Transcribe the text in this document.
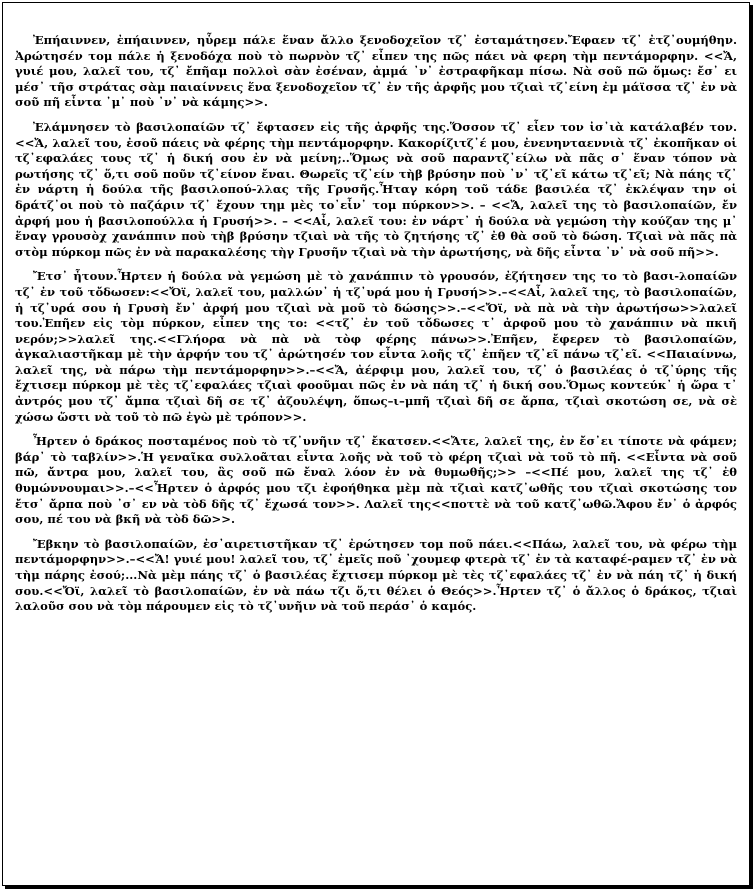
Ἐπήαιννεν, ἐπήαιννεν, ηὗρεμ πάλε ἕναν ἄλλο ξενοδοχεῖον τζ᾽ ἐσταμάτησεν.Ἔφαεν τζ᾽ ἐτζ᾽ουμήθην. Ἀρώτησέν τομ πάλε ἡ ξενοδόχα ποὺ τὸ πωρνὸν τζ᾽ εἶπεν της πῶς πάει νὰ φερη τὴμ πεντάμορφην. <<Ἄ, γυιέ μου, λαλεῖ του, τζ᾽ ἔπῆαμ πολλοὶ σὰν ἐσέναν, ἀμμά ᾽ν᾽ ἐστραφῆκαμ πίσω. Νὰ σοῦ πῶ ὅμως: ἔσ᾽ ει μέσ᾽ τῆσ στράτας σὰμ παιαίννεις ἕνα ξενοδοχεῖον τζ᾽ ἐν τῆς ἀρφῆς μου τζιαὶ τζ᾽είνη ἐμ μάϊσσα τζ᾽ ἐν νὰ σοῦ πῆ εἶντα ᾽μ᾽ ποὺ ᾽ν᾽ νὰ κάμης>>.

Ἐλάμνησεν τὸ βασιλοπαίῶν τζ᾽ ἔφτασεν εἰς τῆς ἀρφῆς της.Ὅσσον τζ᾽ εἶεν τον ἰσ᾽ιὰ κατάλαβέν τον. <<Ἄ, λαλεῖ του, ἐσοῦ πάεις νὰ φέρης τὴμ πεντάμορφην. Κακορίζιτζ᾽έ μου, ἐνενηνταεννιὰ τζ᾽ ἐκοπῆκαν οἱ τζ᾽εφαλάες τους τζ᾽ ἡ δική σου ἐν νὰ μείνη;..Ὅμως νὰ σοῦ παραντζ᾽είλω νὰ πᾶς σ᾽ ἕναν τόπον νὰ ρωτήσης τζ᾽ ὅ,τι σοῦ ποῦν τζ᾽είνον ἔναι. Θωρεῖς τζ᾽είν τὴβ βρύσην ποὺ ᾽ν᾽ τζ᾽εῖ κάτω τζ᾽εῖ; Νὰ πάης τζ᾽ ἐν νάρτη ἡ δούλα τῆς βασιλοπού-λλας τῆς Γρυσῆς.Ἦταγ κόρη τοῦ τάδε βασιλέα τζ᾽ ἐκλέψαν την οἱ δράτζ᾽οι ποὺ τὸ παζάριν τζ᾽ ἔχουν τημ μὲς το᾽εἶν᾽ τομ πύρκον>>. – <<Ἄ, λαλεῖ της τὸ βασιλοπαίῶν, ἔν ἀρφή μου ἡ βασιλοπούλλα ἡ Γρυσή>>. – <<Αἶ, λαλεῖ του: ἐν νάρτ᾽ ἡ δούλα νὰ γεμώση τὴγ κούζαν της μ᾽ ἕναγ γρουσὸχ χανάππιν ποὺ τὴβ βρύσην τζιαὶ νὰ τῆς τὸ ζητήσης τζ᾽ ἐθ θὰ σοῦ τὸ δώση. Τζιαὶ νὰ πᾶς πὰ στὸμ πύρκομ πῶς ἐν νὰ παρακαλέσης τὴγ Γρυσῆν τζιαὶ νὰ τὴν ἀρωτήσης, νὰ δῆς εἶντα ᾽ν᾽ νὰ σοῦ πῆ>>.

Ἔτσ᾽ ἦτουν.Ἦρτεν ἡ δούλα νὰ γεμώση μὲ τὸ χανάππιν τὸ γρουσόν, ἐζήτησεν της το τὸ βασι-λοπαίῶν τζ᾽ ἐν τοῦ τὄδωσεν:<<Ὄϊ, λαλεῖ του, μαλλών᾽ ἡ τζ᾽υρά μου ἡ Γρυσή>>.–<<Αἶ, λαλεῖ της, τὸ βασιλοπαίῶν, ἡ τζ᾽υρά σου ἡ Γρυσὴ ἔν᾽ ἀρφή μου τζιαὶ νὰ μοῦ τὸ δώσης>>.–<<Ὄϊ, νὰ πὰ νὰ τὴν ἀρωτήσω>>λαλεῖ του.Ἐπῆεν εἰς τὸμ πύρκον, εἶπεν της το: <<τζ᾽ ἐν τοῦ τὄδωσες τ᾽ ἀρφοῦ μου τὸ χανάππιν νὰ πκιῆ νερόν;>>λαλεῖ της.<<Γλήορα νὰ πὰ νὰ τὸφ φέρης πάνω>>.Ἐπῆεν, ἔφερεν τὸ βασιλοπαίῶν, ἀγκαλιαστῆκαμ μὲ τὴν ἀρφήν του τζ᾽ ἀρώτησέν τον εἶντα λοῆς τζ᾽ ἐπῆεν τζ᾽εῖ πάνω τζ᾽εῖ. <<Παιαίννω, λαλεῖ της, νὰ πάρω τὴμ πεντάμορφην>>.–<<Ἄ, ἀέρφιμ μου, λαλεῖ του, τζ᾽ ὁ βασιλέας ὁ τζ᾽ύρης τῆς ἔχτισεμ πύρκομ μὲ τὲς τζ᾽εφαλάες τζιαὶ φοοῦμαι πῶς ἐν νὰ πάη τζ᾽ ἡ δική σου.Ὅμως κοντεύκ᾽ ἡ ὥρα τ᾽ ἀντρός μου τζ᾽ ἄμπα τζιαὶ δῆ σε τζ᾽ ἀζουλέψη, ὅπως–ι–μπῆ τζιαὶ δῆ σε ἄρπα, τζιαὶ σκοτώση σε, νὰ σὲ χώσω ὥστι νὰ τοῦ τὸ πῶ ἐγὼ μὲ τρόπον>>.

Ἦρτεν ὁ δράκος ποσταμένος ποὺ τὸ τζ᾽υνῆιν τζ᾽ ἔκατσεν.<<Ἄτε, λαλεῖ της, ἐν ἔσ᾽ει τίποτε νὰ φάμεν; βάρ᾽ τὸ ταβλίν>>.Ἡ γεναῖκα συλλοᾶται εἶντα λοῆς νὰ τοῦ τὸ φέρη τζιαὶ νὰ τοῦ τὸ πῆ. <<Εἶντα νὰ σοῦ πῶ, ἄντρα μου, λαλεῖ του, ἂς σοῦ πῶ ἔναλ λόον ἐν νὰ θυμωθῆς;>> –<<Πέ μου, λαλεῖ της τζ᾽ ἐθ θυμώννουμαι>>.–<<Ἦρτεν ὁ ἀρφός μου τζι ἐφοήθηκα μὲμ πὰ τζιαὶ κατζ᾽ωθῆς του τζιαὶ σκοτώσης τον ἔτσ᾽ ἄρπα ποὺ ᾽σ᾽ εν νὰ τὸδ δῆς τζ᾽ ἔχωσά τον>>. Λαλεῖ της<<ποττὲ νὰ τοῦ κατζ᾽ωθῶ.Ἄφου ἔν᾽ ὁ ἀρφός σου, πέ του νὰ βκῆ νὰ τὸδ δῶ>>.

Ἔβκην τὸ βασιλοπαίῶν, ἐσ᾽αιρετιστῆκαν τζ᾽ ἐρώτησεν τομ ποῦ πάει.<<Πάω, λαλεῖ του, νὰ φέρω τὴμ πεντάμορφην>>.–<<Ἄ! γυιέ μου! λαλεῖ του, τζ᾽ ἐμεῖς ποῦ ᾽χουμεφ φτερὰ τζ᾽ ἐν τὰ καταφέ-ραμεν τζ᾽ ἐν νὰ τὴμ πάρης ἐσού;...Νὰ μὲμ πάης τζ᾽ ὁ βασιλέας ἔχτισεμ πύρκομ μὲ τὲς τζ᾽εφαλάες τζ᾽ ἐν νὰ πάη τζ᾽ ἡ δική σου.<<Ὄϊ, λαλεῖ τὸ βασιλοπαίῶν, ἐν νὰ πάω τζι ὅ,τι θέλει ὁ Θεός>>.Ἦρτεν τζ᾽ ὁ ἄλλος ὁ δράκος, τζιαὶ λαλοῦσ σου νὰ τὸμ πάρουμεν εἰς τὸ τζ᾽υνῆιν νὰ τοῦ περάσ᾽ ὁ καμός.
